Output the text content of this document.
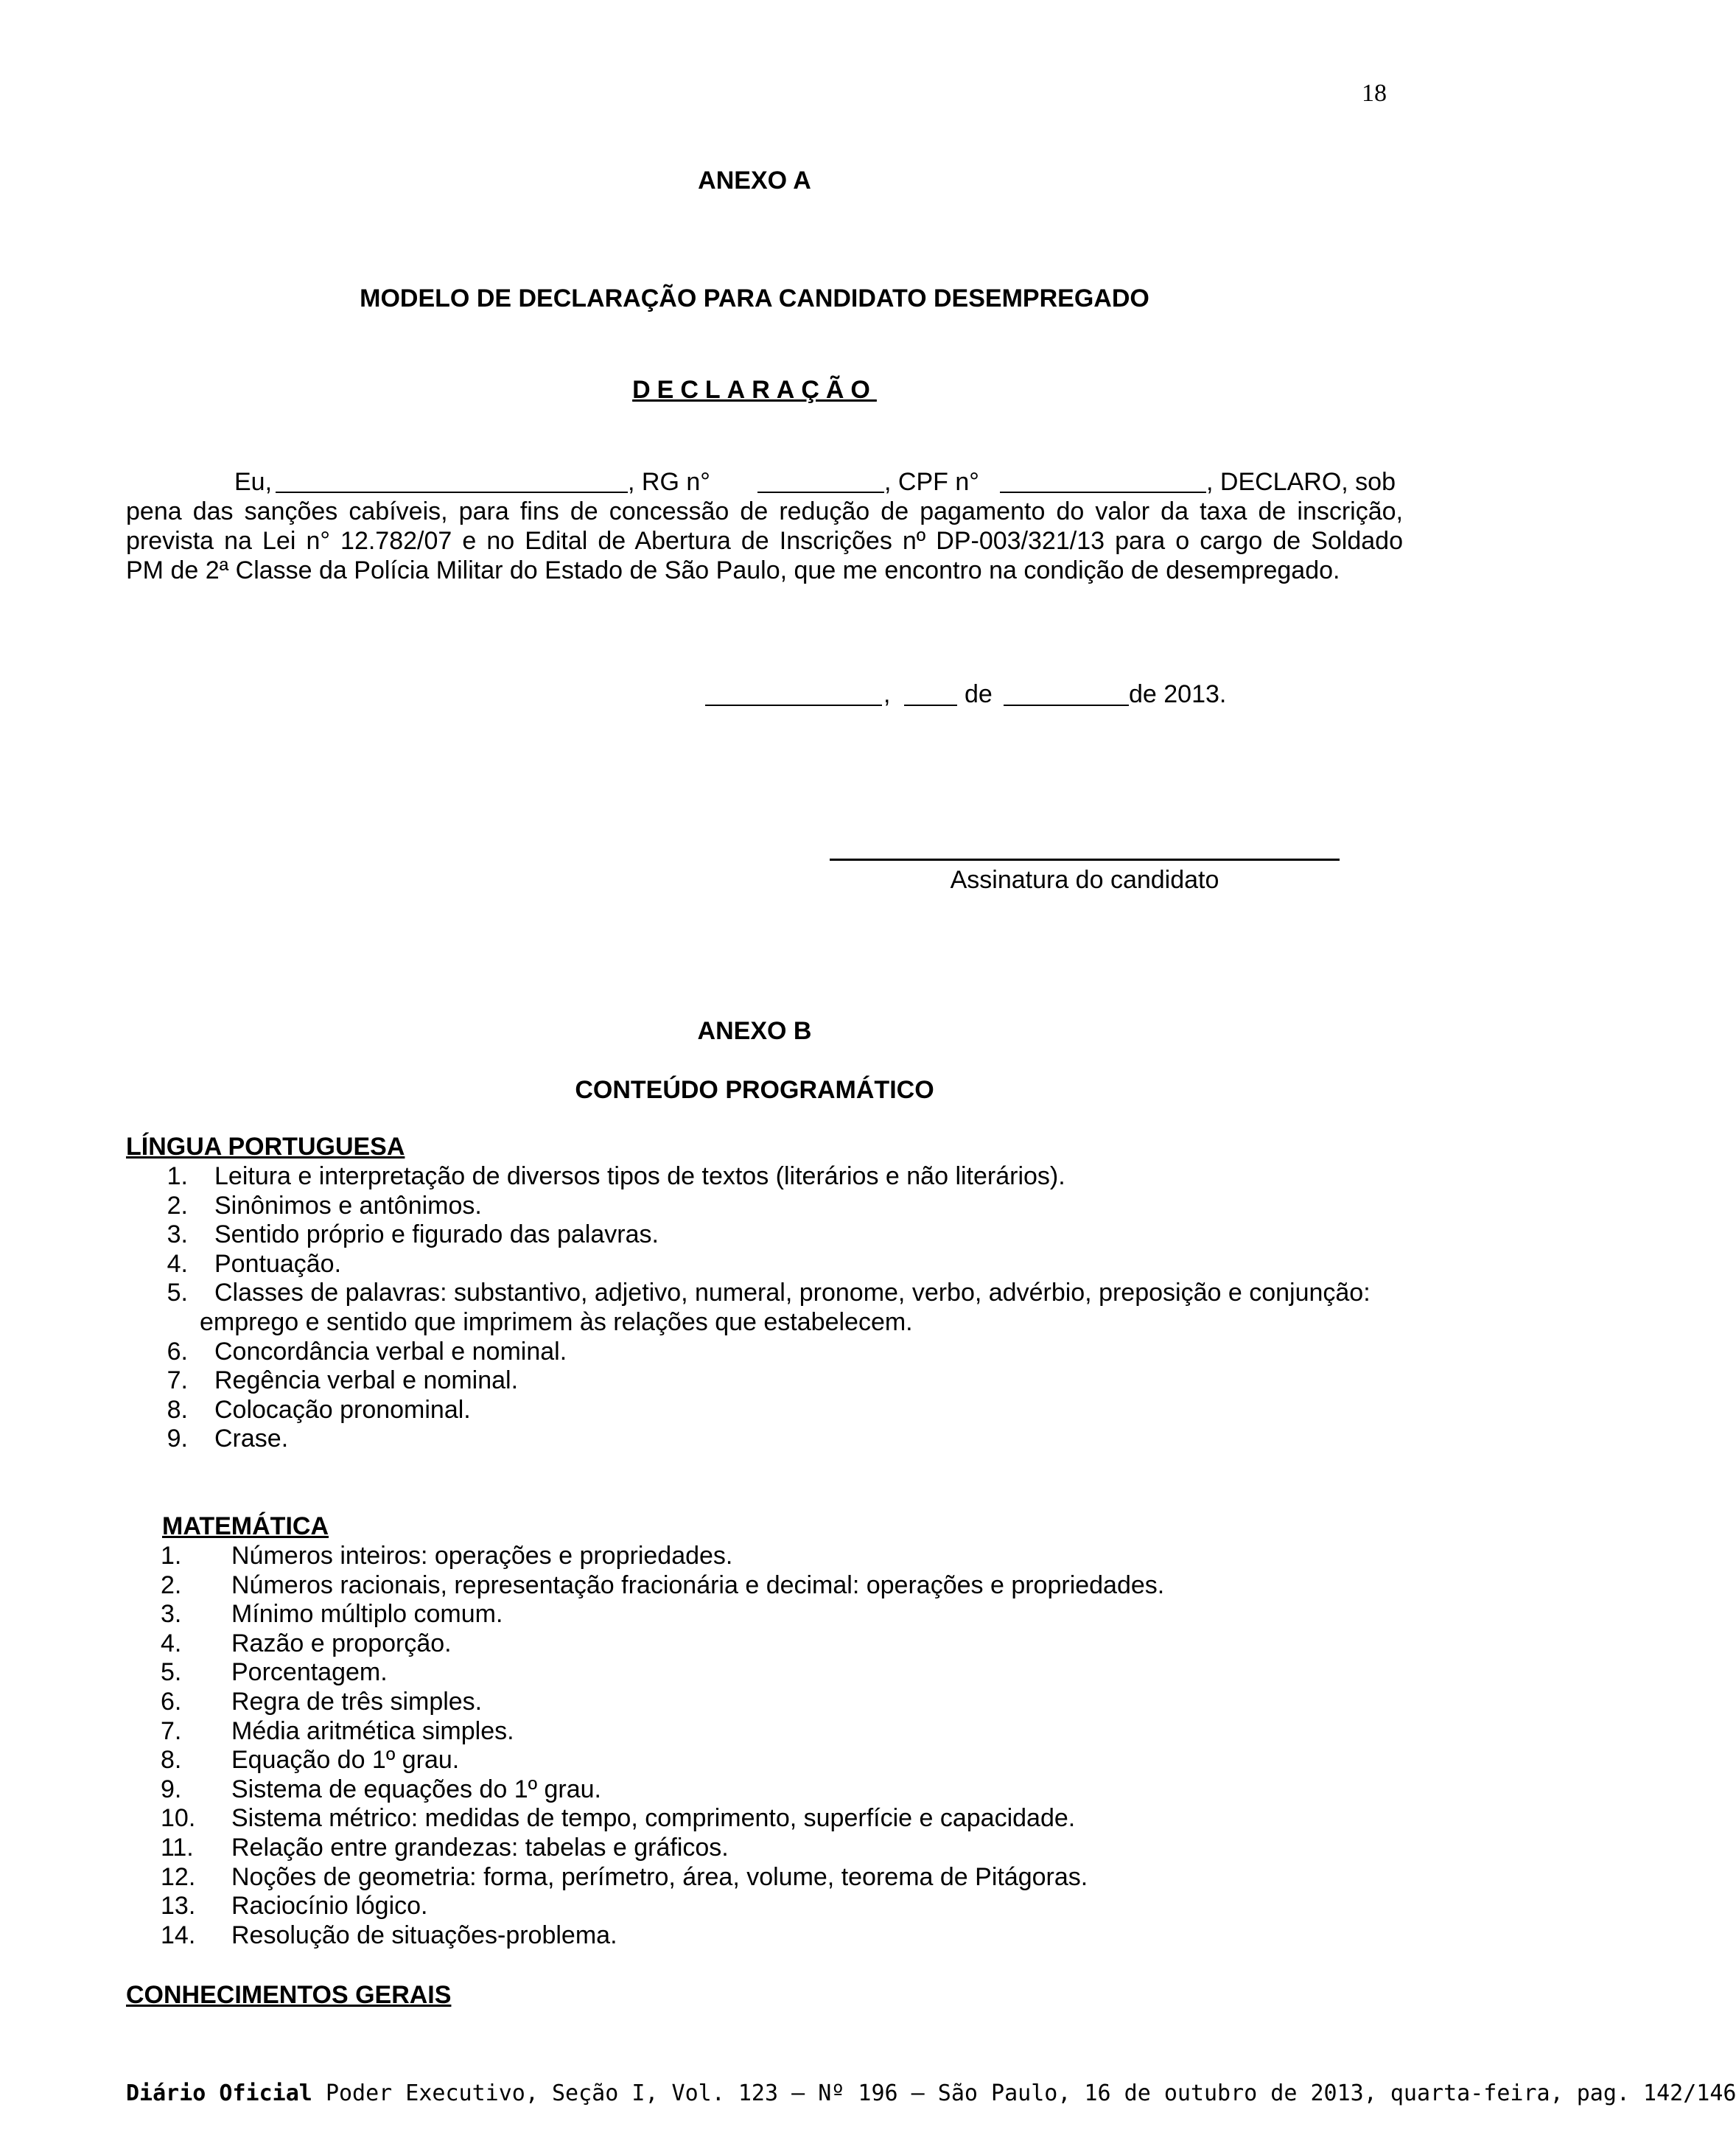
18
ANEXO A
MODELO DE DECLARAÇÃO PARA CANDIDATO DESEMPREGADO
DECLARAÇÃO
Eu,	, RG n°	, CPF n°	, DECLARO, sob
pena das sanções cabíveis, para fins de concessão de redução de pagamento do valor da taxa de inscrição,
prevista na Lei n° 12.782/07 e no Edital de Abertura de Inscrições nº DP-003/321/13 para o cargo de Soldado
PM de 2ª Classe da Polícia Militar do Estado de São Paulo, que me encontro na condição de desempregado.
,	de	de 2013.
Assinatura do candidato
ANEXO B
CONTEÚDO PROGRAMÁTICO
LÍNGUA PORTUGUESA
1. Leitura e interpretação de diversos tipos de textos (literários e não literários).
2. Sinônimos e antônimos.
3. Sentido próprio e figurado das palavras.
4. Pontuação.
5. Classes de palavras: substantivo, adjetivo, numeral, pronome, verbo, advérbio, preposição e conjunção:
emprego e sentido que imprimem às relações que estabelecem.
6. Concordância verbal e nominal.
7. Regência verbal e nominal.
8. Colocação pronominal.
9. Crase.
MATEMÁTICA
1. Números inteiros: operações e propriedades.
2. Números racionais, representação fracionária e decimal: operações e propriedades.
3. Mínimo múltiplo comum.
4. Razão e proporção.
5. Porcentagem.
6. Regra de três simples.
7. Média aritmética simples.
8. Equação do 1º grau.
9. Sistema de equações do 1º grau.
10. Sistema métrico: medidas de tempo, comprimento, superfície e capacidade.
11. Relação entre grandezas: tabelas e gráficos.
12. Noções de geometria: forma, perímetro, área, volume, teorema de Pitágoras.
13. Raciocínio lógico.
14. Resolução de situações-problema.
CONHECIMENTOS GERAIS
Diário Oficial Poder Executivo, Seção I, Vol. 123 – Nº 196 – São Paulo, 16 de outubro de 2013, quarta-feira, pag. 142/146
